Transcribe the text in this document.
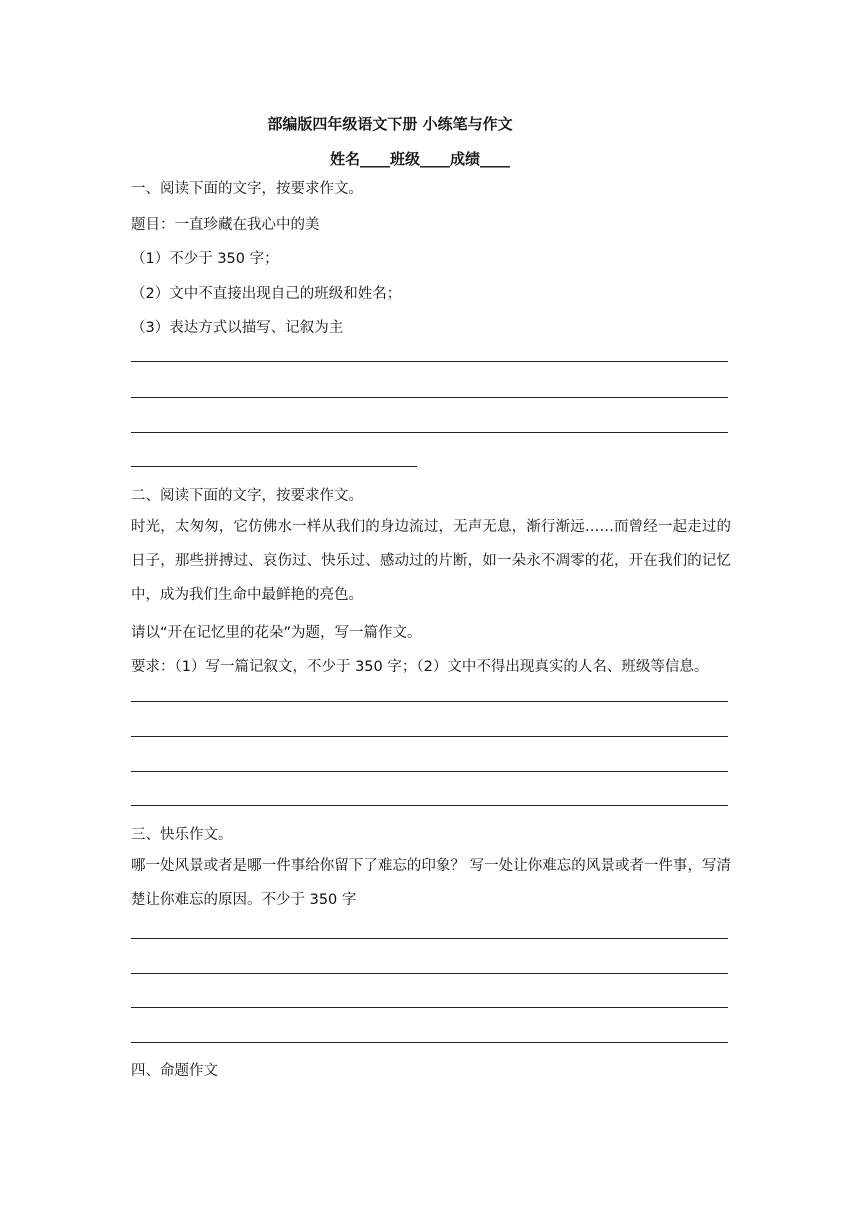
部编版四年级语文下册 小练笔与作文
姓名____班级____成绩____
一、阅读下面的文字，按要求作文。
题目：一直珍藏在我心中的美
（1）不少于 350 字；
（2）文中不直接出现自己的班级和姓名；
（3）表达方式以描写、记叙为主
二、阅读下面的文字，按要求作文。
时光，太匆匆，它仿佛水一样从我们的身边流过，无声无息，渐行渐远……而曾经一起走过的日子，那些拼搏过、哀伤过、快乐过、感动过的片断，如一朵永不凋零的花，开在我们的记忆中，成为我们生命中最鲜艳的亮色。
请以“开在记忆里的花朵”为题，写一篇作文。
要求：（1）写一篇记叙文，不少于 350 字；（2）文中不得出现真实的人名、班级等信息。
三、快乐作文。
哪一处风景或者是哪一件事给你留下了难忘的印象？ 写一处让你难忘的风景或者一件事，写清楚让你难忘的原因。不少于 350 字
四、命题作文
